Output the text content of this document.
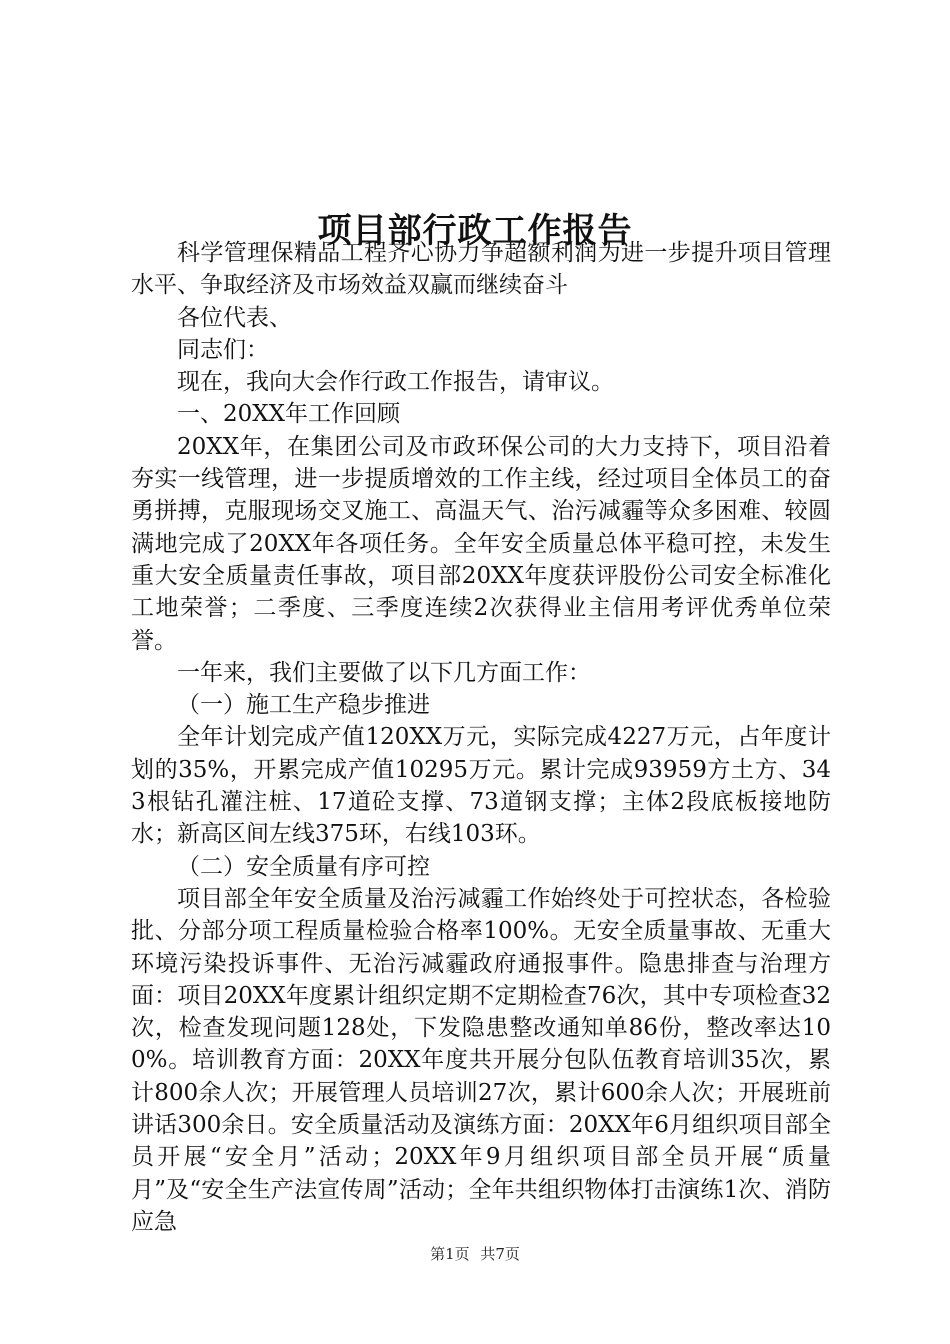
项目部行政工作报告

科学管理保精品工程齐心协力争超额利润为进一步提升项目管理水平、争取经济及市场效益双赢而继续奋斗

各位代表、

同志们：

现在，我向大会作行政工作报告，请审议。

一、20XX年工作回顾

20XX年，在集团公司及市政环保公司的大力支持下，项目沿着夯实一线管理，进一步提质增效的工作主线，经过项目全体员工的奋勇拼搏，克服现场交叉施工、高温天气、治污减霾等众多困难、较圆满地完成了20XX年各项任务。全年安全质量总体平稳可控，未发生重大安全质量责任事故，项目部20XX年度获评股份公司安全标准化工地荣誉；二季度、三季度连续2次获得业主信用考评优秀单位荣誉。

一年来，我们主要做了以下几方面工作：

（一）施工生产稳步推进

全年计划完成产值120XX万元，实际完成4227万元，占年度计划的35%，开累完成产值10295万元。累计完成93959方土方、343根钻孔灌注桩、17道砼支撑、73道钢支撑；主体2段底板接地防水；新高区间左线375环，右线103环。

（二）安全质量有序可控

项目部全年安全质量及治污减霾工作始终处于可控状态，各检验批、分部分项工程质量检验合格率100%。无安全质量事故、无重大环境污染投诉事件、无治污减霾政府通报事件。隐患排查与治理方面：项目20XX年度累计组织定期不定期检查76次，其中专项检查32次，检查发现问题128处，下发隐患整改通知单86份，整改率达100%。培训教育方面：20XX年度共开展分包队伍教育培训35次，累计800余人次；开展管理人员培训27次，累计600余人次；开展班前讲话300余日。安全质量活动及演练方面：20XX年6月组织项目部全员开展“安全月”活动；20XX年9月组织项目部全员开展“质量月”及“安全生产法宣传周”活动；全年共组织物体打击演练1次、消防应急

第1页 共7页
